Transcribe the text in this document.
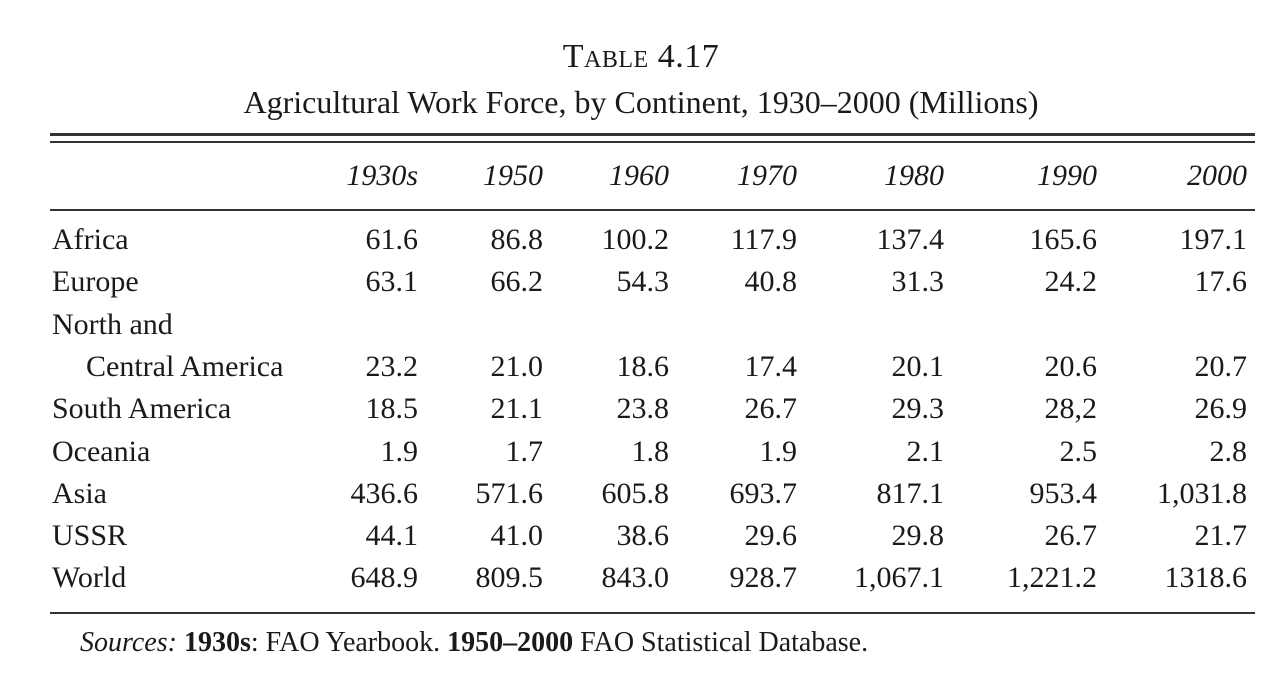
Table 4.17
Agricultural Work Force, by Continent, 1930–2000 (Millions)
1930s 1950 1960 1970	1980	1990	2000
Africa	61.6 86.8 100.2 117.9	137.4	165.6	197.1
Europe	63.1 66.2 54.3	40.8	31.3	24.2	17.6
North and
Central America	23.2 21.0 18.6	17.4	20.1	20.6	20.7
South America	18.5 21.1 23.8	26.7	29.3	28,2	26.9
Oceania	1.9	1.7	1.8	1.9	2.1	2.5	2.8
Asia	436.6 571.6 605.8 693.7	817.1	953.4 1,031.8
USSR	44.1 41.0 38.6	29.6	29.8	26.7	21.7
World	648.9 809.5 843.0 928.7 1,067.1 1,221.2 1318.6
Sources: 1930s: FAO Yearbook. 1950–2000 FAO Statistical Database.
